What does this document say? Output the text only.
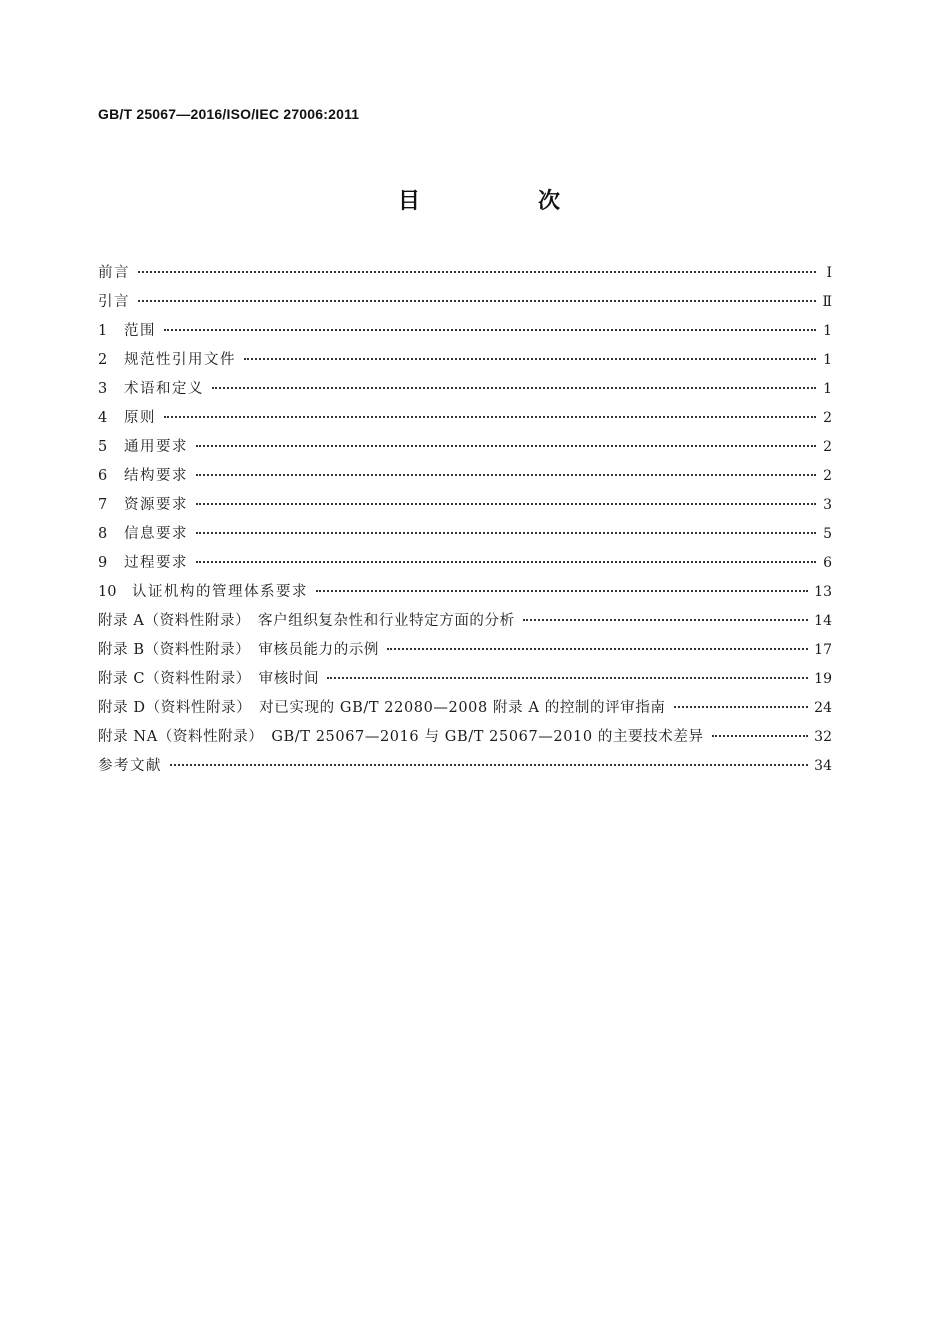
GB/T 25067—2016/ISO/IEC 27006:2011
目　次
前言	Ⅰ
引言	Ⅱ
1	范围	1
2	规范性引用文件	1
3	术语和定义	1
4	原则	2
5	通用要求	2
6	结构要求	2
7	资源要求	3
8	信息要求	5
9	过程要求	6
10	认证机构的管理体系要求	13
附录 A（资料性附录）　客户组织复杂性和行业特定方面的分析	14
附录 B（资料性附录）　审核员能力的示例	17
附录 C（资料性附录）　审核时间	19
附录 D（资料性附录）　对已实现的 GB/T 22080—2008 附录 A 的控制的评审指南	24
附录 NA（资料性附录）　GB/T 25067—2016 与 GB/T 25067—2010 的主要技术差异	32
参考文献	34
